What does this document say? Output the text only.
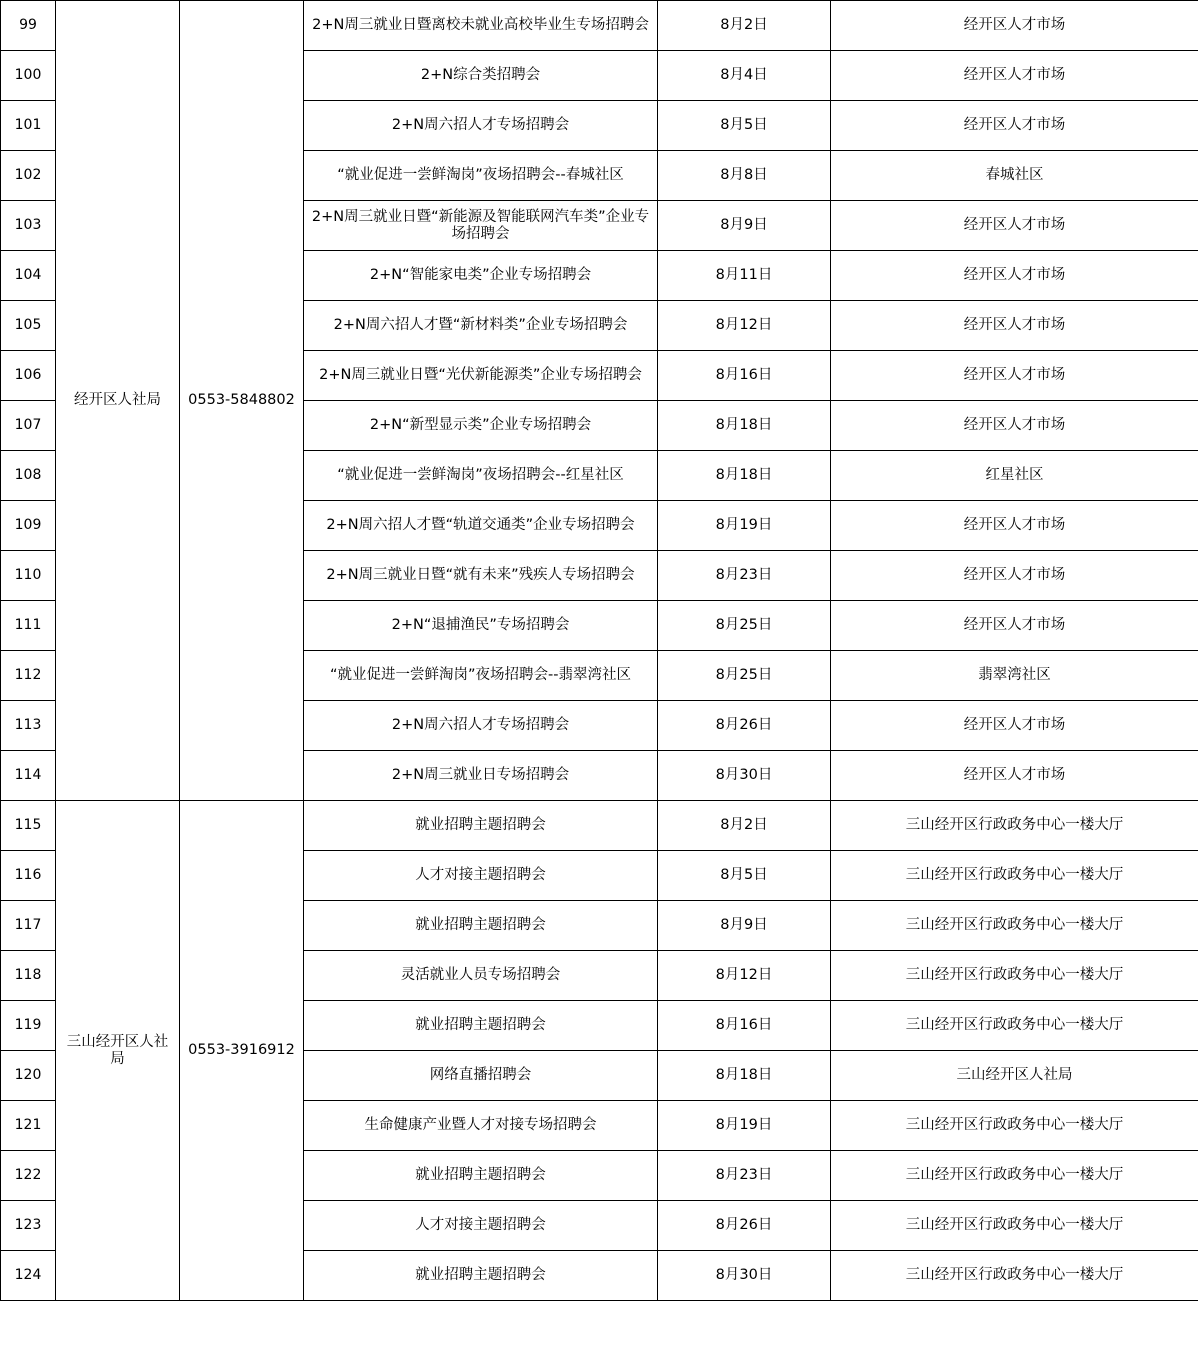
99	经开区人社局	0553-5848802	2+N周三就业日暨离校未就业高校毕业生专场招聘会	8月2日	经开区人才市场
100			2+N综合类招聘会	8月4日	经开区人才市场
101			2+N周六招人才专场招聘会	8月5日	经开区人才市场
102			“就业促进一尝鲜淘岗”夜场招聘会--春城社区	8月8日	春城社区
103			2+N周三就业日暨“新能源及智能联网汽车类”企业专场招聘会	8月9日	经开区人才市场
104			2+N“智能家电类”企业专场招聘会	8月11日	经开区人才市场
105			2+N周六招人才暨“新材料类”企业专场招聘会	8月12日	经开区人才市场
106			2+N周三就业日暨“光伏新能源类”企业专场招聘会	8月16日	经开区人才市场
107			2+N“新型显示类”企业专场招聘会	8月18日	经开区人才市场
108			“就业促进一尝鲜淘岗”夜场招聘会--红星社区	8月18日	红星社区
109			2+N周六招人才暨“轨道交通类”企业专场招聘会	8月19日	经开区人才市场
110			2+N周三就业日暨“就有未来”残疾人专场招聘会	8月23日	经开区人才市场
111			2+N“退捕渔民”专场招聘会	8月25日	经开区人才市场
112			“就业促进一尝鲜淘岗”夜场招聘会--翡翠湾社区	8月25日	翡翠湾社区
113			2+N周六招人才专场招聘会	8月26日	经开区人才市场
114			2+N周三就业日专场招聘会	8月30日	经开区人才市场
115	三山经开区人社局	0553-3916912	就业招聘主题招聘会	8月2日	三山经开区行政政务中心一楼大厅
116			人才对接主题招聘会	8月5日	三山经开区行政政务中心一楼大厅
117			就业招聘主题招聘会	8月9日	三山经开区行政政务中心一楼大厅
118			灵活就业人员专场招聘会	8月12日	三山经开区行政政务中心一楼大厅
119			就业招聘主题招聘会	8月16日	三山经开区行政政务中心一楼大厅
120			网络直播招聘会	8月18日	三山经开区人社局
121			生命健康产业暨人才对接专场招聘会	8月19日	三山经开区行政政务中心一楼大厅
122			就业招聘主题招聘会	8月23日	三山经开区行政政务中心一楼大厅
123			人才对接主题招聘会	8月26日	三山经开区行政政务中心一楼大厅
124			就业招聘主题招聘会	8月30日	三山经开区行政政务中心一楼大厅
